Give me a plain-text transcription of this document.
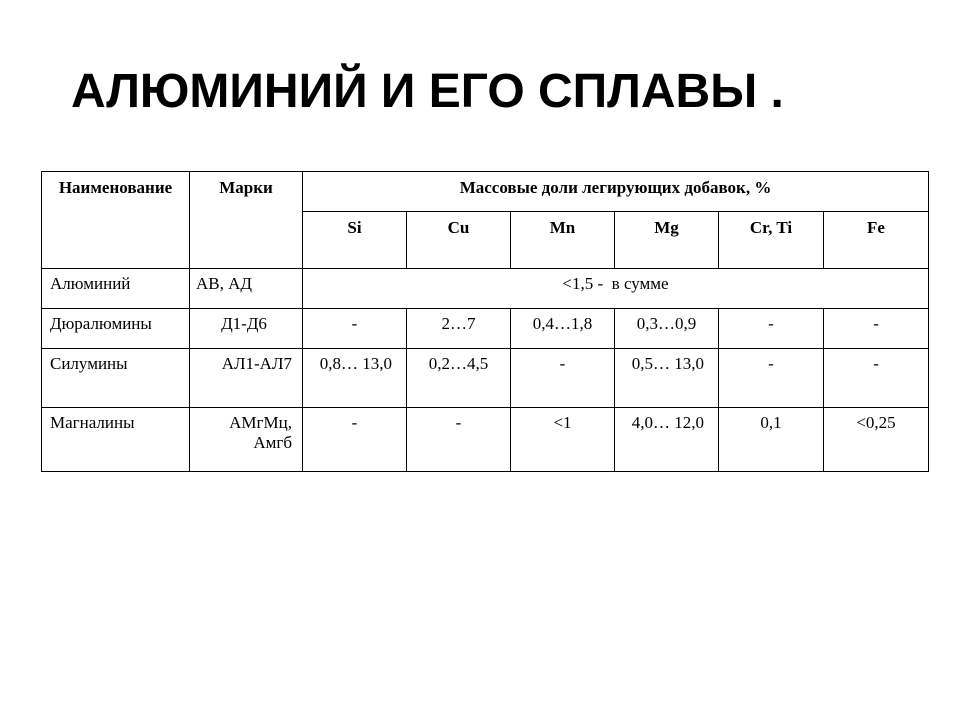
АЛЮМИНИЙ И ЕГО СПЛАВЫ .
Наименование	Марки	Массовые доли легирующих добавок, %					
		Si	Cu	Mn	Mg	Cr, Ti	Fe
Алюминий	АВ, АД	<1,5 -  в сумме					
Дюралюмины	Д1-Д6	-	2…7	0,4…1,8	0,3…0,9	-	-
Силумины	АЛ1-АЛ7	0,8… 13,0	0,2…4,5	-	0,5… 13,0	-	-
Магналины	АМгМц, Амгб	-	-	<1	4,0… 12,0	0,1	<0,25
